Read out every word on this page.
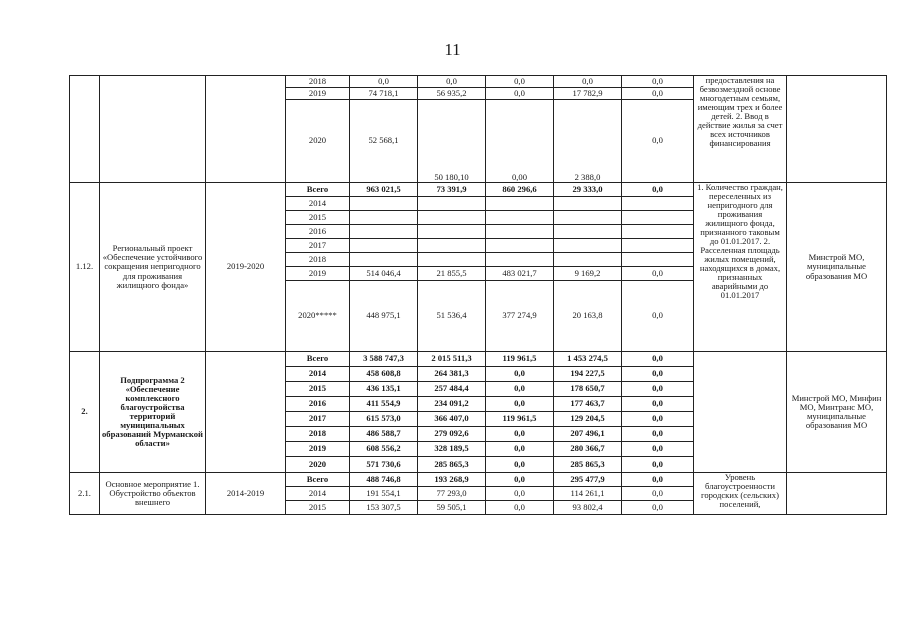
11
			2018	0,0	0,0	0,0	0,0	0,0	предоставления на безвозмездной основе многодетным семьям, имеющим трех и более детей. 2. Ввод в действие жилья за счет всех источников финансирования	
			2019	74 718,1	56 935,2	0,0	17 782,9	0,0		
			2020	52 568,1	50 180,10	0,00	2 388,0	0,0		
1.12.	Региональный проект «Обеспечение устойчивого сокращения непригодного для проживания жилищного фонда»	2019-2020	Всего	963 021,5	73 391,9	860 296,6	29 333,0	0,0	1. Количество граждан, переселенных из непригодного для проживания жилищного фонда, признанного таковым до 01.01.2017. 2. Расселенная площадь жилых помещений, находящихся в домах, признанных аварийными до 01.01.2017	Минстрой МО, муниципальные образования МО
			2014							
			2015							
			2016							
			2017							
			2018							
			2019	514 046,4	21 855,5	483 021,7	9 169,2	0,0		
			2020*****	448 975,1	51 536,4	377 274,9	20 163,8	0,0		
2.	Подпрограмма 2 «Обеспечение комплексного благоустройства территорий муниципальных образований Мурманской области»		Всего	3 588 747,3	2 015 511,3	119 961,5	1 453 274,5	0,0		Минстрой МО, Минфин МО, Минтранс МО, муниципальные образования МО
			2014	458 608,8	264 381,3	0,0	194 227,5	0,0		
			2015	436 135,1	257 484,4	0,0	178 650,7	0,0		
			2016	411 554,9	234 091,2	0,0	177 463,7	0,0		
			2017	615 573,0	366 407,0	119 961,5	129 204,5	0,0		
			2018	486 588,7	279 092,6	0,0	207 496,1	0,0		
			2019	608 556,2	328 189,5	0,0	280 366,7	0,0		
			2020	571 730,6	285 865,3	0,0	285 865,3	0,0		
2.1.	Основное мероприятие 1. Обустройство объектов внешнего	2014-2019	Всего	488 746,8	193 268,9	0,0	295 477,9	0,0	Уровень благоустроенности городских (сельских) поселений,	
			2014	191 554,1	77 293,0	0,0	114 261,1	0,0		
			2015	153 307,5	59 505,1	0,0	93 802,4	0,0		
